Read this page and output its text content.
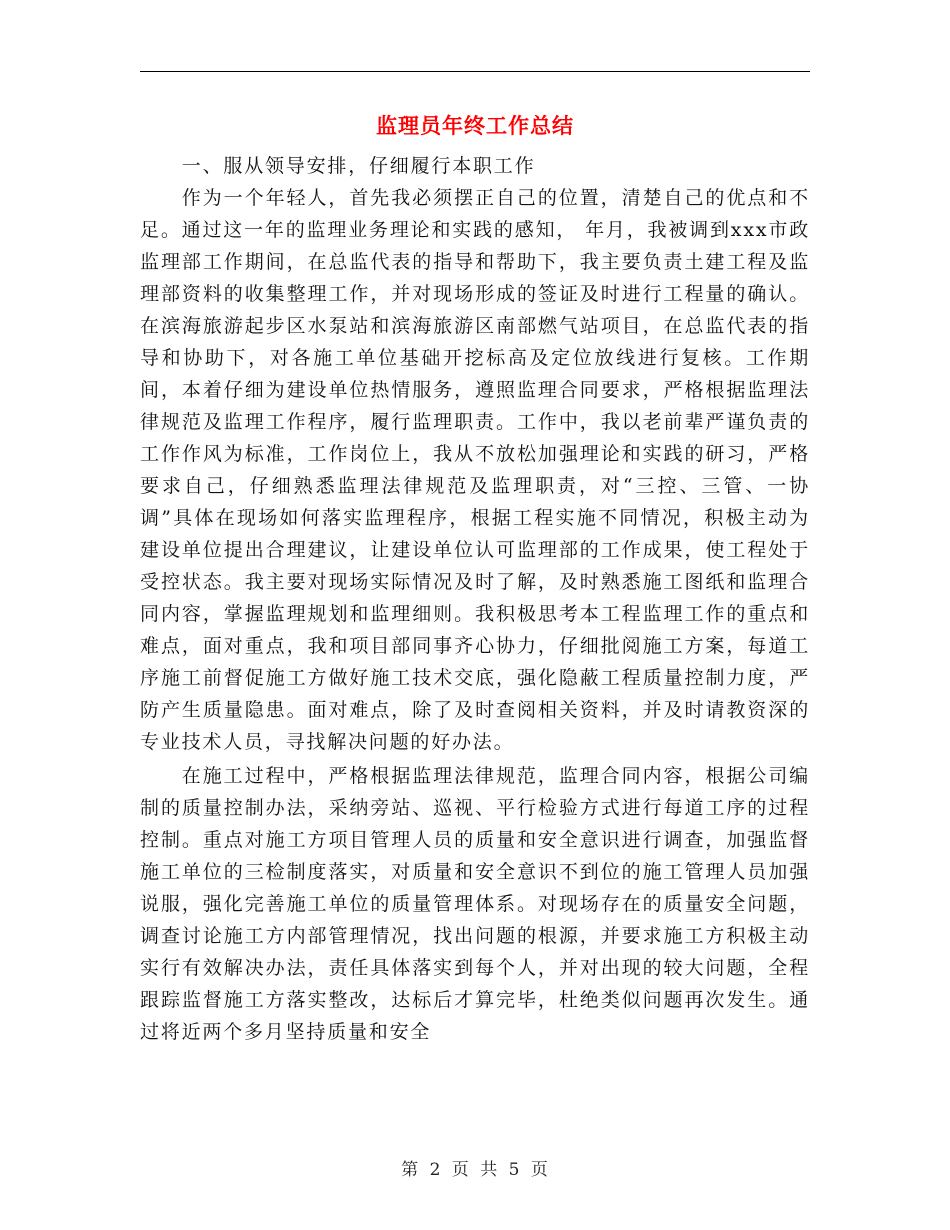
监理员年终工作总结

一、服从领导安排，仔细履行本职工作

作为一个年轻人，首先我必须摆正自己的位置，清楚自己的优点和不足。通过这一年的监理业务理论和实践的感知， 年月，我被调到xxx市政监理部工作期间，在总监代表的指导和帮助下，我主要负责土建工程及监理部资料的收集整理工作，并对现场形成的签证及时进行工程量的确认。在滨海旅游起步区水泵站和滨海旅游区南部燃气站项目，在总监代表的指导和协助下，对各施工单位基础开挖标高及定位放线进行复核。工作期间，本着仔细为建设单位热情服务，遵照监理合同要求，严格根据监理法律规范及监理工作程序，履行监理职责。工作中，我以老前辈严谨负责的工作作风为标准，工作岗位上，我从不放松加强理论和实践的研习，严格要求自己，仔细熟悉监理法律规范及监理职责，对“三控、三管、一协调”具体在现场如何落实监理程序，根据工程实施不同情况，积极主动为建设单位提出合理建议，让建设单位认可监理部的工作成果，使工程处于受控状态。我主要对现场实际情况及时了解，及时熟悉施工图纸和监理合同内容，掌握监理规划和监理细则。我积极思考本工程监理工作的重点和难点，面对重点，我和项目部同事齐心协力，仔细批阅施工方案，每道工序施工前督促施工方做好施工技术交底，强化隐蔽工程质量控制力度，严防产生质量隐患。面对难点，除了及时查阅相关资料，并及时请教资深的专业技术人员，寻找解决问题的好办法。

在施工过程中，严格根据监理法律规范，监理合同内容，根据公司编制的质量控制办法，采纳旁站、巡视、平行检验方式进行每道工序的过程控制。重点对施工方项目管理人员的质量和安全意识进行调查，加强监督施工单位的三检制度落实，对质量和安全意识不到位的施工管理人员加强说服，强化完善施工单位的质量管理体系。对现场存在的质量安全问题，调查讨论施工方内部管理情况，找出问题的根源，并要求施工方积极主动实行有效解决办法，责任具体落实到每个人，并对出现的较大问题，全程跟踪监督施工方落实整改，达标后才算完毕，杜绝类似问题再次发生。通过将近两个多月坚持质量和安全

第 2 页 共 5 页
